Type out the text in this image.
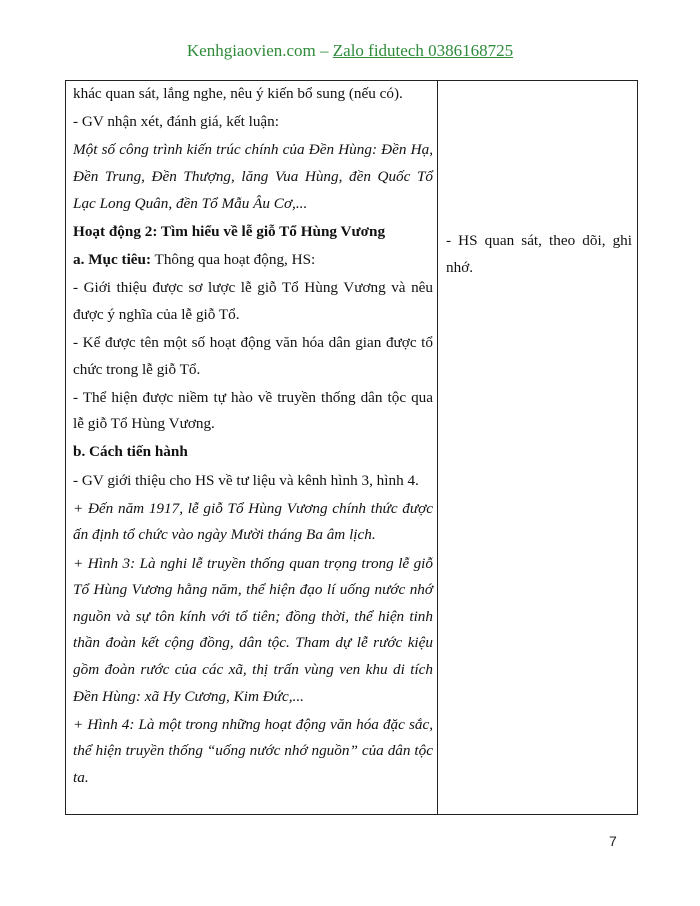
Kenhgiaovien.com – Zalo fidutech 0386168725

khác quan sát, lắng nghe, nêu ý kiến bổ sung (nếu có).

- GV nhận xét, đánh giá, kết luận:

Một số công trình kiến trúc chính của Đền Hùng: Đền Hạ, Đền Trung, Đền Thượng, lăng Vua Hùng, đền Quốc Tổ Lạc Long Quân, đền Tổ Mẫu Âu Cơ,...

Hoạt động 2: Tìm hiểu về lễ giỗ Tổ Hùng Vương

a. Mục tiêu: Thông qua hoạt động, HS:

- Giới thiệu được sơ lược lễ giỗ Tổ Hùng Vương và nêu được ý nghĩa của lễ giỗ Tổ.

- Kể được tên một số hoạt động văn hóa dân gian được tổ chức trong lễ giỗ Tổ.

- Thể hiện được niềm tự hào về truyền thống dân tộc qua lễ giỗ Tổ Hùng Vương.

b. Cách tiến hành

- GV giới thiệu cho HS về tư liệu và kênh hình 3, hình 4.

+ Đến năm 1917, lễ giỗ Tổ Hùng Vương chính thức được ấn định tổ chức vào ngày Mười tháng Ba âm lịch.

+ Hình 3: Là nghi lễ truyền thống quan trọng trong lễ giỗ Tổ Hùng Vương hằng năm, thể hiện đạo lí uống nước nhớ nguồn và sự tôn kính với tổ tiên; đồng thời, thể hiện tinh thần đoàn kết cộng đồng, dân tộc. Tham dự lễ rước kiệu gồm đoàn rước của các xã, thị trấn vùng ven khu di tích Đền Hùng: xã Hy Cương, Kim Đức,...

+ Hình 4: Là một trong những hoạt động văn hóa đặc sắc, thể hiện truyền thống “uống nước nhớ nguồn” của dân tộc ta.

- HS quan sát, theo dõi, ghi nhớ.

7
